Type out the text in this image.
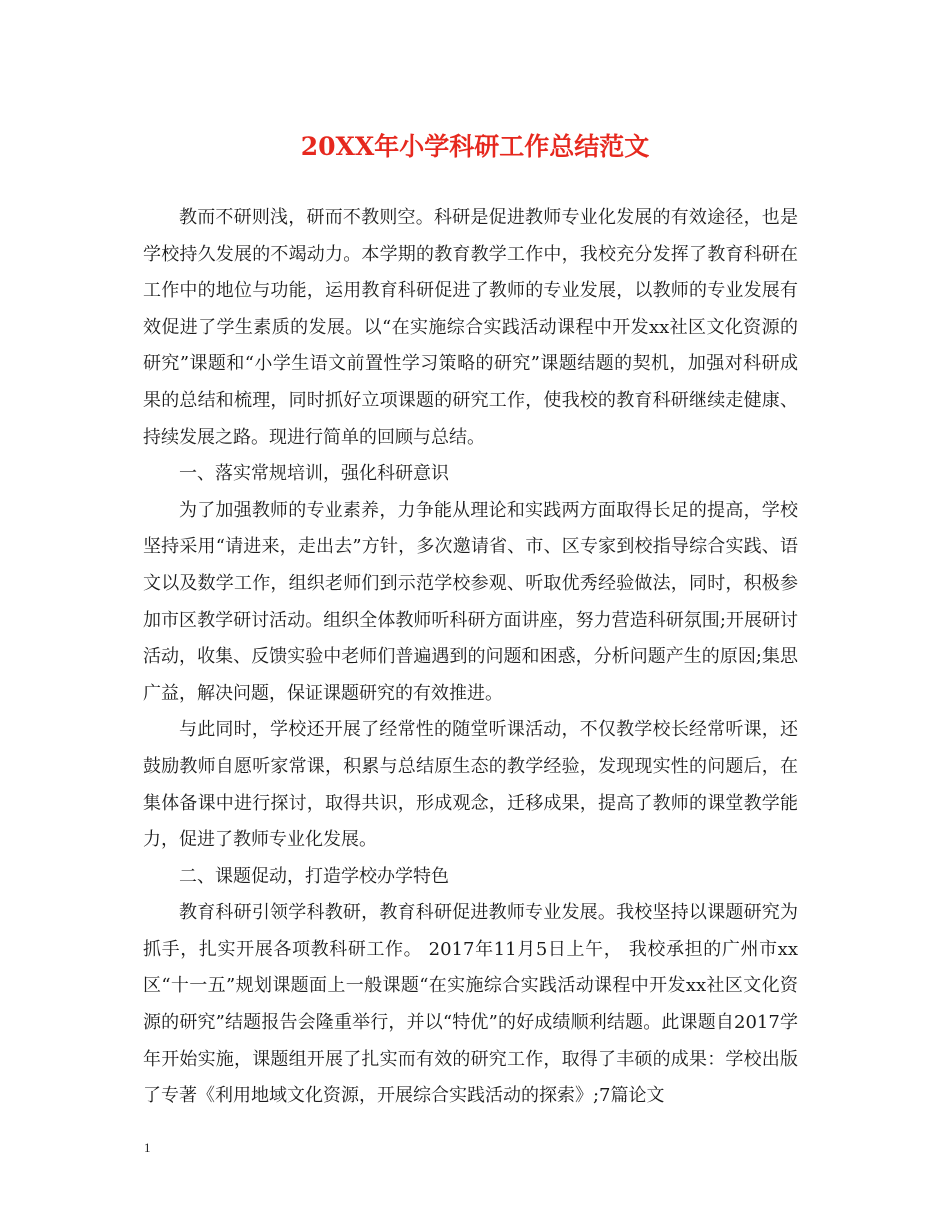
20XX年小学科研工作总结范文

教而不研则浅，研而不教则空。科研是促进教师专业化发展的有效途径，也是学校持久发展的不竭动力。本学期的教育教学工作中，我校充分发挥了教育科研在工作中的地位与功能，运用教育科研促进了教师的专业发展，以教师的专业发展有效促进了学生素质的发展。以“在实施综合实践活动课程中开发xx社区文化资源的研究”课题和“小学生语文前置性学习策略的研究”课题结题的契机，加强对科研成果的总结和梳理，同时抓好立项课题的研究工作，使我校的教育科研继续走健康、持续发展之路。现进行简单的回顾与总结。

一、落实常规培训，强化科研意识

为了加强教师的专业素养，力争能从理论和实践两方面取得长足的提高，学校坚持采用“请进来，走出去”方针，多次邀请省、市、区专家到校指导综合实践、语文以及数学工作，组织老师们到示范学校参观、听取优秀经验做法，同时，积极参加市区教学研讨活动。组织全体教师听科研方面讲座，努力营造科研氛围;开展研讨活动，收集、反馈实验中老师们普遍遇到的问题和困惑，分析问题产生的原因;集思广益，解决问题，保证课题研究的有效推进。

与此同时，学校还开展了经常性的随堂听课活动，不仅教学校长经常听课，还鼓励教师自愿听家常课，积累与总结原生态的教学经验，发现现实性的问题后，在集体备课中进行探讨，取得共识，形成观念，迁移成果，提高了教师的课堂教学能力，促进了教师专业化发展。

二、课题促动，打造学校办学特色

教育科研引领学科教研，教育科研促进教师专业发展。我校坚持以课题研究为抓手，扎实开展各项教科研工作。 2017年11月5日上午， 我校承担的广州市xx区“十一五”规划课题面上一般课题“在实施综合实践活动课程中开发xx社区文化资源的研究”结题报告会隆重举行，并以“特优”的好成绩顺利结题。此课题自2017学年开始实施，课题组开展了扎实而有效的研究工作，取得了丰硕的成果：学校出版了专著《利用地域文化资源，开展综合实践活动的探索》;7篇论文

1
